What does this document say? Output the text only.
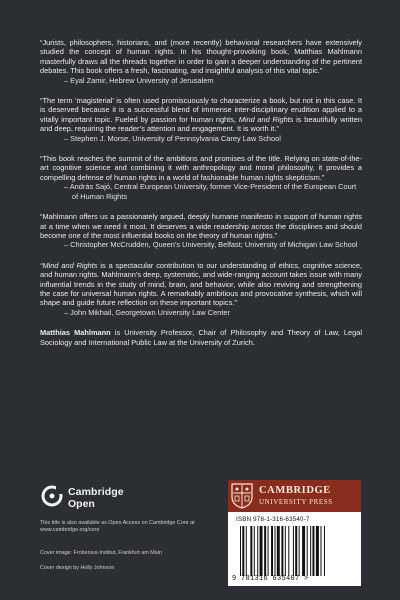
“Jurists, philosophers, historians, and (more recently) behavioral researchers have extensively studied the concept of human rights. In his thought-provoking book, Matthias Mahlmann masterfully draws all the threads together in order to gain a deeper understanding of the pertinent debates. This book offers a fresh, fascinating, and insightful analysis of this vital topic.”

– Eyal Zamir, Hebrew University of Jerusalem

“The term ‘magisterial’ is often used promiscuously to characterize a book, but not in this case. It is deserved because it is a successful blend of immense inter-disciplinary erudition applied to a vitally important topic. Fueled by passion for human rights, Mind and Rights is beautifully written and deep, requiring the reader’s attention and engagement. It is worth it.”

– Stephen J. Morse, University of Pennsylvania Carey Law School

“This book reaches the summit of the ambitions and promises of the title. Relying on state-of-the-art cognitive science and combining it with anthropology and moral philosophy, it provides a compelling defense of human rights in a world of fashionable human rights skepticism.”

– András Sajó, Central European University, former Vice-President of the European Court of Human Rights

“Mahlmann offers us a passionately argued, deeply humane manifesto in support of human rights at a time when we need it most. It deserves a wide readership across the disciplines and should become one of the most influential books on the theory of human rights.”

– Christopher McCrudden, Queen’s University, Belfast; University of Michigan Law School

“Mind and Rights is a spectacular contribution to our understanding of ethics, cognitive science, and human rights. Mahlmann’s deep, systematic, and wide-ranging account takes issue with many influential trends in the study of mind, brain, and behavior, while also reviving and strengthening the case for universal human rights. A remarkably ambitious and provocative synthesis, which will shape and guide future reflection on these important topics.”

– John Mikhail, Georgetown University Law Center

Matthias Mahlmann is University Professor, Chair of Philosophy and Theory of Law, Legal Sociology and International Public Law at the University of Zurich.

Cambridge
Open
This title is also available as Open Access on Cambridge Core at www.cambridge.org/core
Cover image: Frobenius-Institut, Frankfurt am Main
Cover design by Holly Johnson
CAMBRIDGE
UNIVERSITY PRESS
ISBN 978-1-316-63540-7
9 781316 635407 >
